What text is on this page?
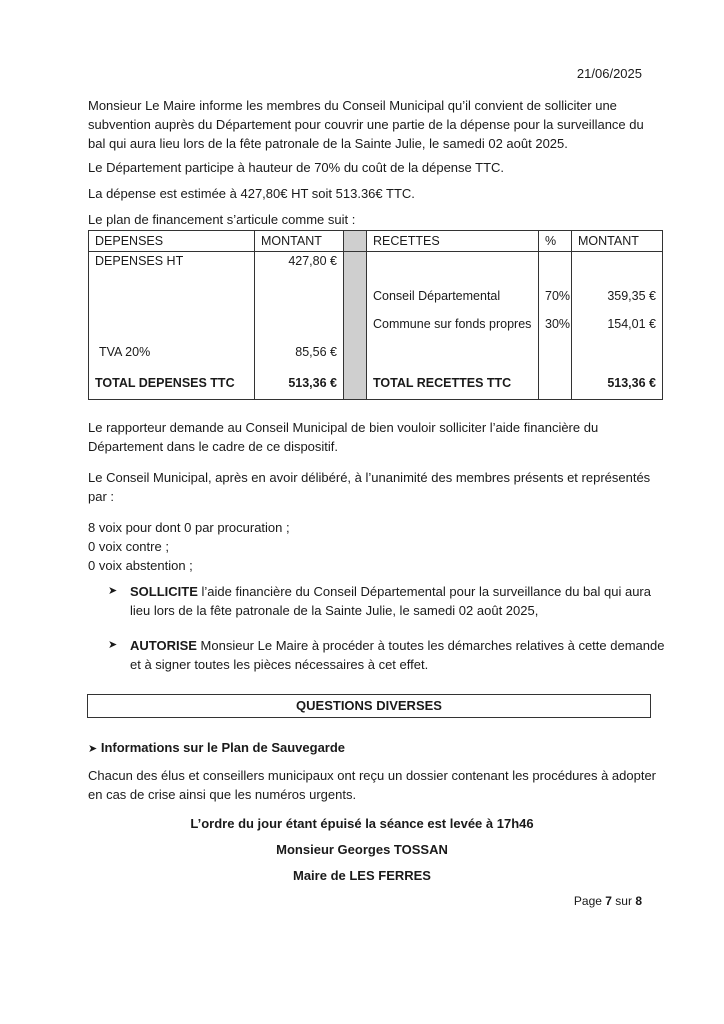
21/06/2025

Monsieur Le Maire informe les membres du Conseil Municipal qu’il convient de solliciter une subvention auprès du Département pour couvrir une partie de la dépense pour la surveillance du bal qui aura lieu lors de la fête patronale de la Sainte Julie, le samedi 02 août 2025.

Le Département participe à hauteur de 70% du coût de la dépense TTC.

La dépense est estimée à 427,80€ HT soit 513.36€ TTC.

Le plan de financement s’articule comme suit :

DEPENSES	MONTANT		RECETTES	%	MONTANT
DEPENSES HT	427,80 €				
			Conseil Départemental	70%	359,35 €
			Commune sur fonds propres	30%	154,01 €
TVA 20%	85,56 €				
TOTAL DEPENSES TTC	513,36 €		TOTAL RECETTES TTC		513,36 €

Le rapporteur demande au Conseil Municipal de bien vouloir solliciter l’aide financière du Département dans le cadre de ce dispositif.

Le Conseil Municipal, après en avoir délibéré, à l’unanimité des membres présents et représentés par :

8 voix pour dont 0 par procuration ;
0 voix contre ;
0 voix abstention ;
➤ SOLLICITE l’aide financière du Conseil Départemental pour la surveillance du bal qui aura lieu lors de la fête patronale de la Sainte Julie, le samedi 02 août 2025,
➤ AUTORISE Monsieur Le Maire à procéder à toutes les démarches relatives à cette demande et à signer toutes les pièces nécessaires à cet effet.
QUESTIONS DIVERSES
➤ Informations sur le Plan de Sauvegarde

Chacun des élus et conseillers municipaux ont reçu un dossier contenant les procédures à adopter en cas de crise ainsi que les numéros urgents.

L’ordre du jour étant épuisé la séance est levée à 17h46
Monsieur Georges TOSSAN
Maire de LES FERRES
Page 7 sur 8
